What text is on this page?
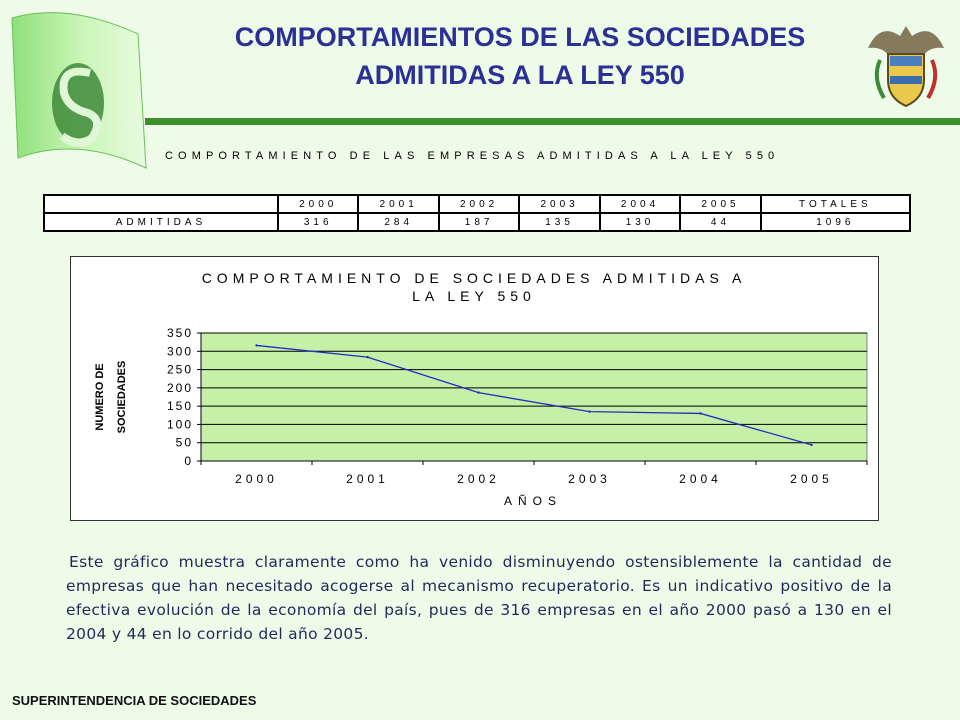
COMPORTAMIENTOS DE LAS SOCIEDADES
ADMITIDAS A LA LEY 550
COMPORTAMIENTO DE LAS EMPRESAS ADMITIDAS A LA LEY 550
	2000	2001	2002	2003	2004	2005	TOTALES
ADMITIDAS	316	284	187	135	130	44	1096
COMPORTAMIENTO DE SOCIEDADES ADMITIDAS A
LA LEY 550
NUMERO DE SOCIEDADES
AÑOS
0
50
100
150
200
250
300
350
2000	2001	2002	2003	2004	2005
Este gráfico muestra claramente como ha venido disminuyendo ostensiblemente la cantidad de empresas que han necesitado acogerse al mecanismo recuperatorio. Es un indicativo positivo de la efectiva evolución de la economía del país, pues de 316 empresas en el año 2000 pasó a 130 en el 2004 y 44 en lo corrido del año 2005.
SUPERINTENDENCIA DE SOCIEDADES
